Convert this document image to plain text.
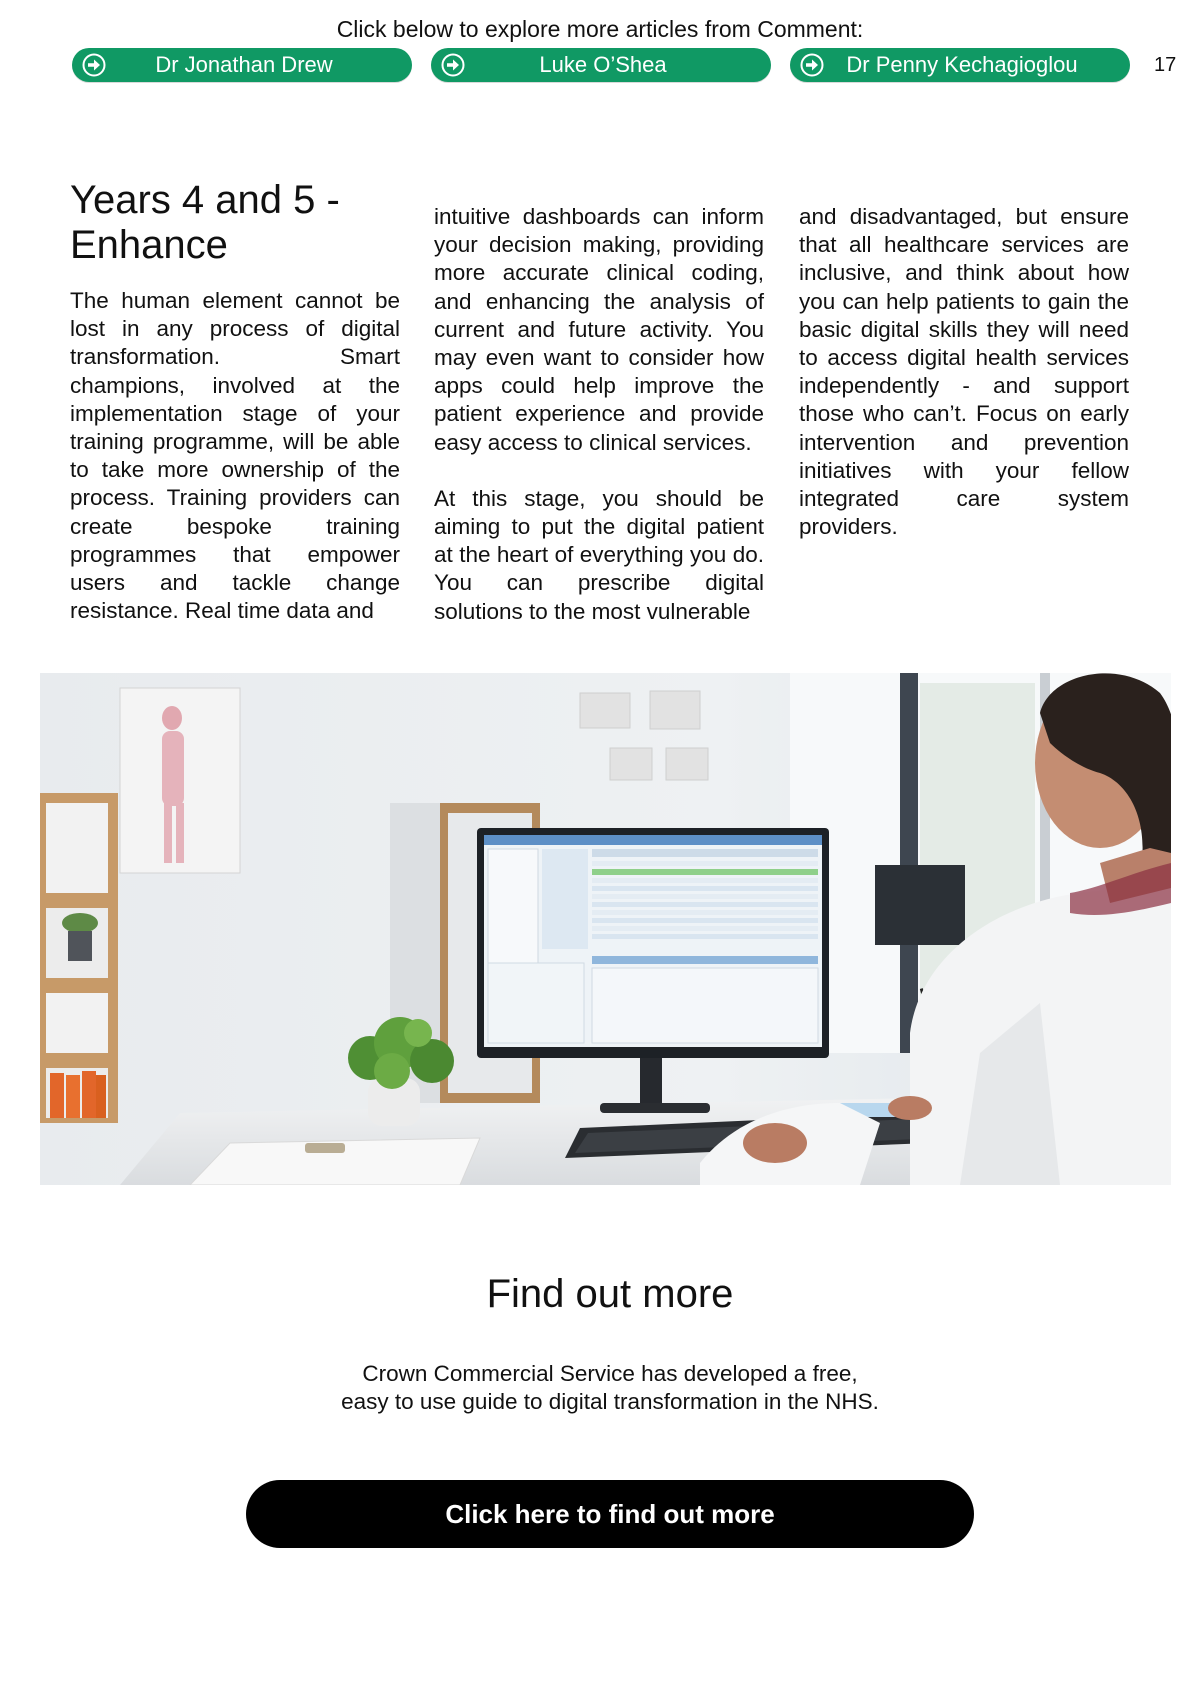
Click below to explore more articles from Comment:
Dr Jonathan Drew	Luke O’Shea	Dr Penny Kechagioglou	17
Years 4 and 5 - Enhance

The human element cannot be lost in any process of digital transformation. Smart champions, involved at the implementation stage of your training programme, will be able to take more ownership of the process. Training providers can create bespoke training programmes that empower users and tackle change resistance. Real time data and

intuitive dashboards can inform your decision making, providing more accurate clinical coding, and enhancing the analysis of current and future activity. You may even want to consider how apps could help improve the patient experience and provide easy access to clinical services.

At this stage, you should be aiming to put the digital patient at the heart of everything you do. You can prescribe digital solutions to the most vulnerable

and disadvantaged, but ensure that all healthcare services are inclusive, and think about how you can help patients to gain the basic digital skills they will need to access digital health services independently - and support those who can’t. Focus on early intervention and prevention initiatives with your fellow integrated care system providers.

Find out more
Crown Commercial Service has developed a free, easy to use guide to digital transformation in the NHS.
Click here to find out more
